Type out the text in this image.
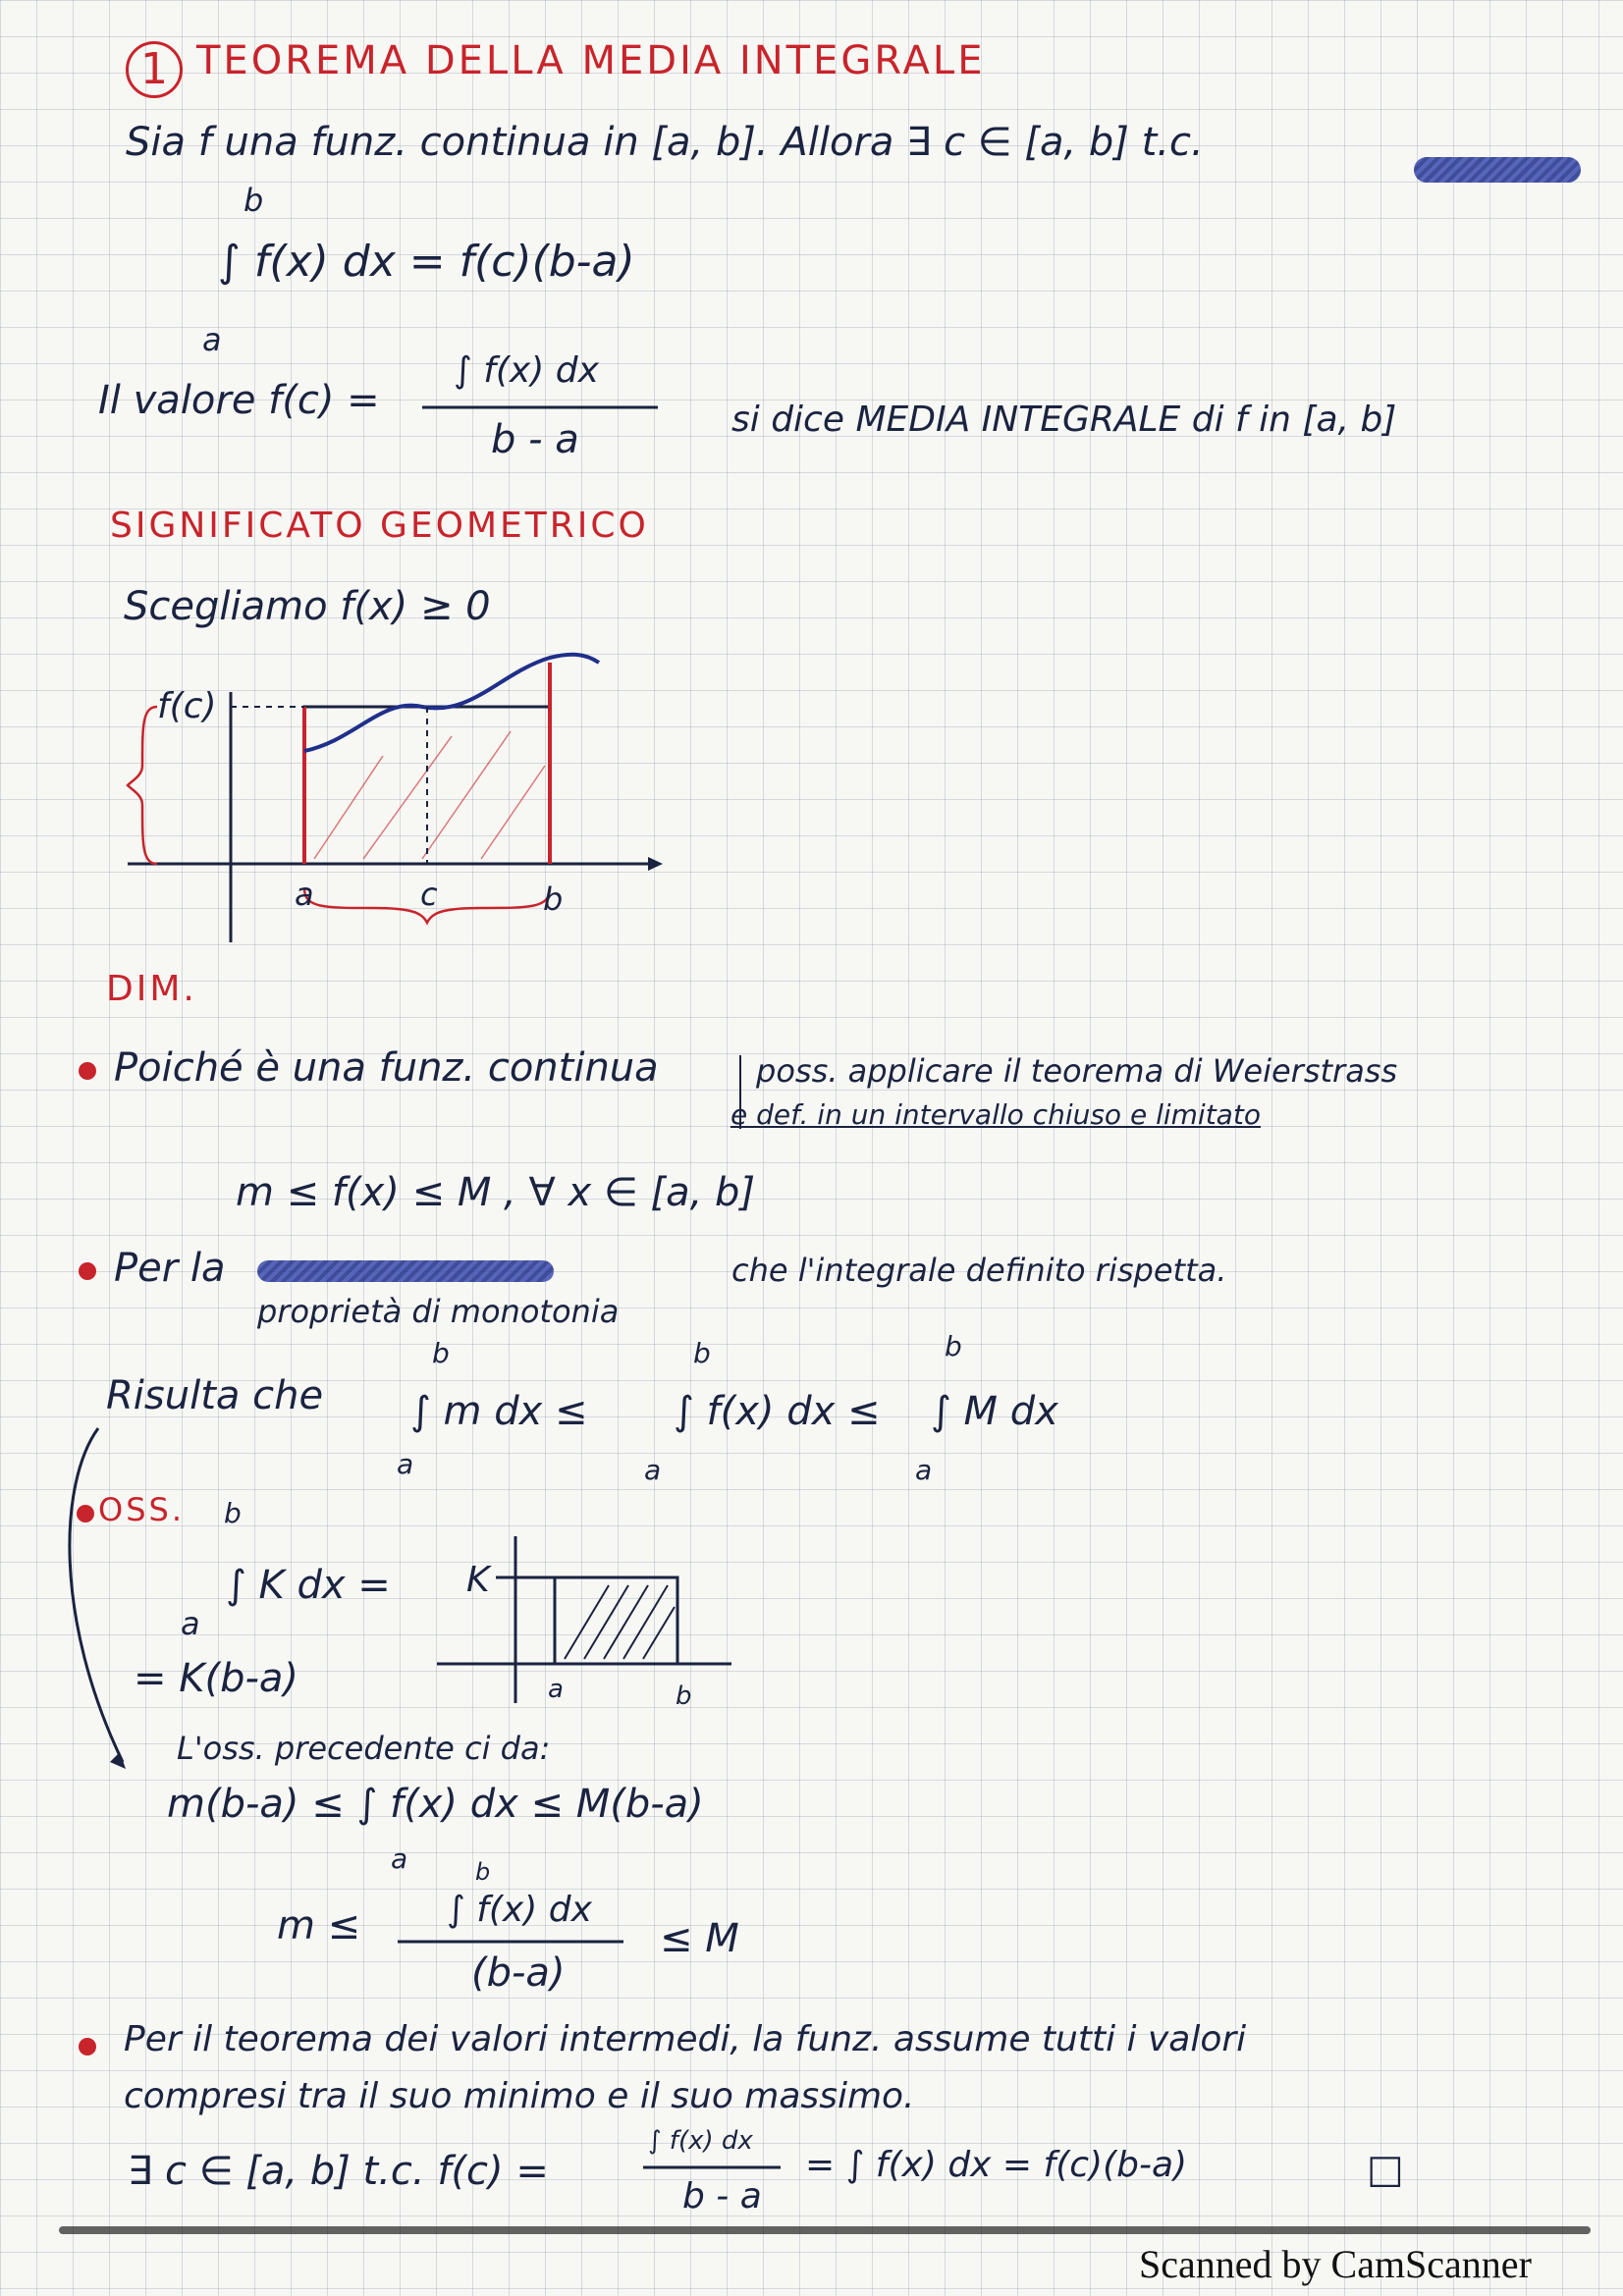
1 TEOREMA DELLA MEDIA INTEGRALE
Sia f una funz. continua in [a, b]. Allora ∃ c ∈ [a, b] t.c.
b
∫ f(x) dx = f(c)(b-a)
a
Il valore f(c) =
∫ f(x) dx
b - a	si dice MEDIA INTEGRALE di f in [a, b]
SIGNIFICATO GEOMETRICO
Scegliamo f(x) ≥ 0
f(c)
a	c	b
DIM.
Poiché è una funz. continua	poss. applicare il teorema di Weierstrass
e def. in un intervallo chiuso e limitato
m ≤ f(x) ≤ M , ∀ x ∈ [a, b]
Per la
proprietà di monotonia
che l'integrale definito rispetta.
Risulta che
b
∫ m dx ≤
a
b
∫ f(x) dx ≤
a
b
∫ M dx
a
OSS. b
∫ K dx =
a
= K(b-a)
K
a	b
L'oss. precedente ci da:
m(b-a) ≤ ∫ f(x) dx ≤ M(b-a)
a
m ≤
b
∫ f(x) dx
(b-a)
≤ M
Per il teorema dei valori intermedi, la funz. assume tutti i valori
compresi tra il suo minimo e il suo massimo.
∃ c ∈ [a, b] t.c. f(c) =
∫ f(x) dx
b - a
= ∫ f(x) dx = f(c)(b-a)	□
Scanned by CamScanner
